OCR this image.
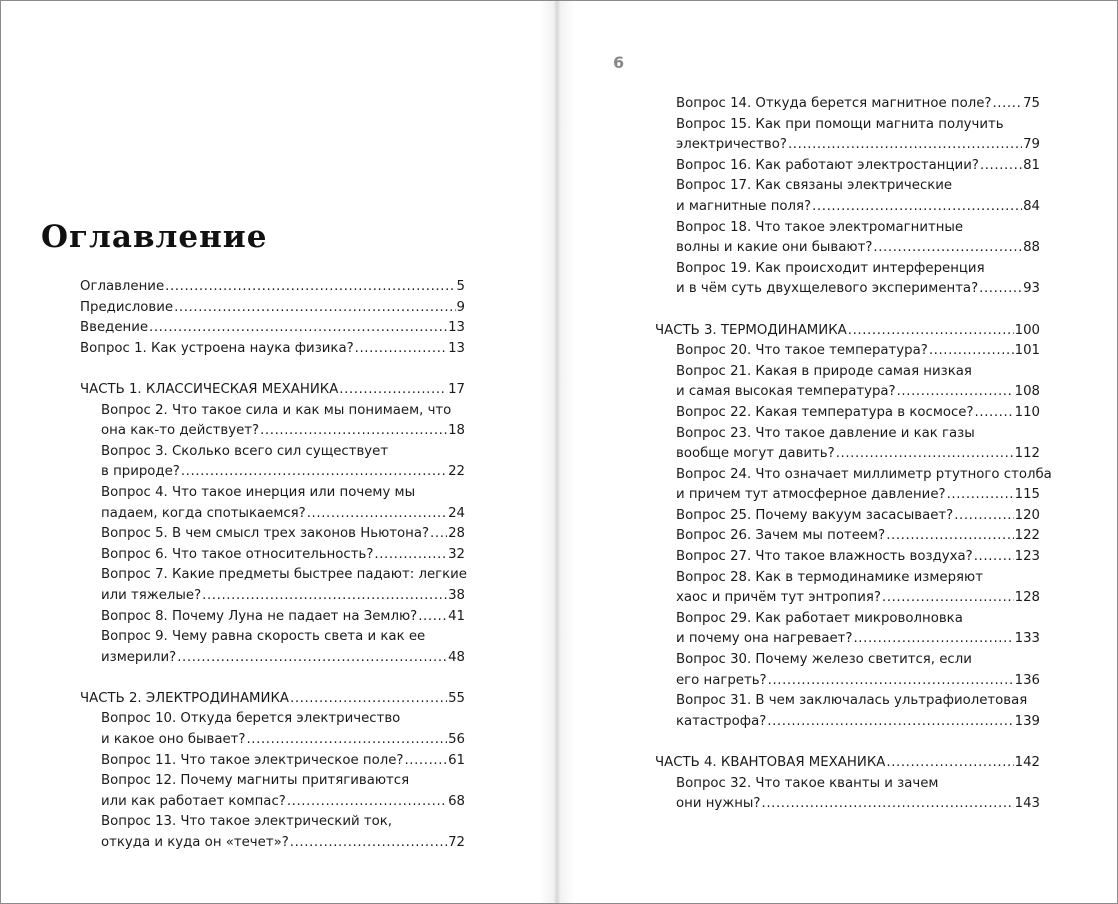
Оглавление
Оглавление .....	5
Предисловие .....	9
Введение .....	13
Вопрос 1. Как устроена наука физика? .....	13
ЧАСТЬ 1. КЛАССИЧЕСКАЯ МЕХАНИКА .....	17
Вопрос 2. Что такое сила и как мы понимаем, что
она как-то действует? .....	18
Вопрос 3. Сколько всего сил существует
в природе? .....	22
Вопрос 4. Что такое инерция или почему мы
падаем, когда спотыкаемся? .....	24
Вопрос 5. В чем смысл трех законов Ньютона? ..... 28
Вопрос 6. Что такое относительность? .....	32
Вопрос 7. Какие предметы быстрее падают: легкие
или тяжелые? .....	38
Вопрос 8. Почему Луна не падает на Землю? ..... 41
Вопрос 9. Чему равна скорость света и как ее
измерили? .....	48
ЧАСТЬ 2. ЭЛЕКТРОДИНАМИКА .....	55
Вопрос 10. Откуда берется электричество
и какое оно бывает? .....	56
Вопрос 11. Что такое электрическое поле? .....	61
Вопрос 12. Почему магниты притягиваются
или как работает компас? .....	68
Вопрос 13. Что такое электрический ток,
откуда и куда он «течет»? .....	72
6
Вопрос 14. Откуда берется магнитное поле? ..... 75
Вопрос 15. Как при помощи магнита получить
электричество? .....	79
Вопрос 16. Как работают электростанции? .....	81
Вопрос 17. Как связаны электрические
и магнитные поля? .....	84
Вопрос 18. Что такое электромагнитные
волны и какие они бывают? .....	88
Вопрос 19. Как происходит интерференция
и в чём суть двухщелевого эксперимента? .....	93
ЧАСТЬ 3. ТЕРМОДИНАМИКА .....	100
Вопрос 20. Что такое температура? .....	101
Вопрос 21. Какая в природе самая низкая
и самая высокая температура? .....	108
Вопрос 22. Какая температура в космосе? .....	110
Вопрос 23. Что такое давление и как газы
вообще могут давить? .....	112
Вопрос 24. Что означает миллиметр ртутного столба
и причем тут атмосферное давление? .....	115
Вопрос 25. Почему вакуум засасывает? .....	120
Вопрос 26. Зачем мы потеем? .....	122
Вопрос 27. Что такое влажность воздуха? .....	123
Вопрос 28. Как в термодинамике измеряют
хаос и причём тут энтропия? .....	128
Вопрос 29. Как работает микроволновка
и почему она нагревает? .....	133
Вопрос 30. Почему железо светится, если
его нагреть? .....	136
Вопрос 31. В чем заключалась ультрафиолетовая
катастрофа? .....	139
ЧАСТЬ 4. КВАНТОВАЯ МЕХАНИКА .....	142
Вопрос 32. Что такое кванты и зачем
они нужны? .....	143
